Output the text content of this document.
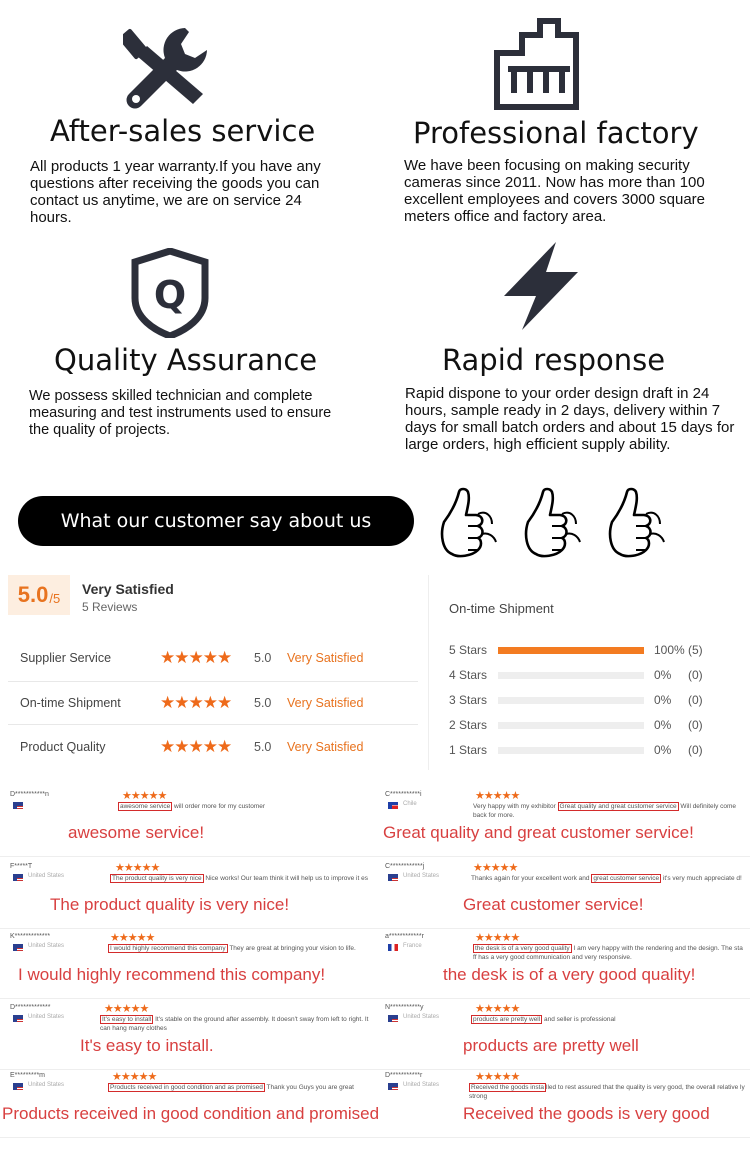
After-sales service
All products 1 year warranty.If you have any questions after receiving the goods you can contact us anytime, we are on service 24 hours.
Professional factory
We have been focusing on making security cameras since 2011. Now has more than 100 excellent employees and covers 3000 square meters office and factory area.
Q
Quality Assurance
We possess skilled technician and complete measuring and test instruments used to ensure the quality of projects.
Rapid response
Rapid dispone to your order design draft in 24 hours, sample ready in 2 days, delivery within 7 days for small batch orders and about 15 days for large orders, high efficient supply ability.
What our customer say about us
5.0 /5
Very Satisfied
5 Reviews
Supplier Service	★★★★★	5.0	Very Satisfied
On-time Shipment	★★★★★	5.0	Very Satisfied
Product Quality	★★★★★	5.0	Very Satisfied
On-time Shipment
5 Stars	100% (5)
4 Stars	0%	(0)
3 Stars	0%	(0)
2 Stars	0%	(0)
1 Stars	0%	(0)
D***********n	★★★★★
awesome service will order more for my customer
awesome service!
C***********i
Chile
★★★★★
Very happy with my exhibitor Great quality and great customer service Will definitely come back for more.
Great quality and great customer service!
F*****T
United States
★★★★★
The product quality is very nice Nice works! Our team think it will help us to improve it es
The product quality is very nice!
C************j
United States
★★★★★
Thanks again for your excellent work and great customer service it's very much appreciate d!
Great customer service!
K*************
United States
★★★★★
I would highly recommend this company They are great at bringing your vision to life.
I would highly recommend this company!
a************r
France
★★★★★
the desk is of a very good quality I am very happy with the rendering and the design. The sta ff has a very good communication and very responsive.
the desk is of a very good quality!
D*************
United States
★★★★★
It's easy to install It's stable on the ground after assembly. It doesn't sway from left to right. It can hang many clothes
It's easy to install.
N***********y
United States
★★★★★
products are pretty well and seller is professional
products are pretty well
E*********m
United States
★★★★★
Products received in good condition and as promised Thank you Guys you are great
Products received in good condition and promised
D***********r
United States
★★★★★
Received the goods insta lled to rest assured that the quality is very good, the overall relative ly strong
Received the goods is very good
